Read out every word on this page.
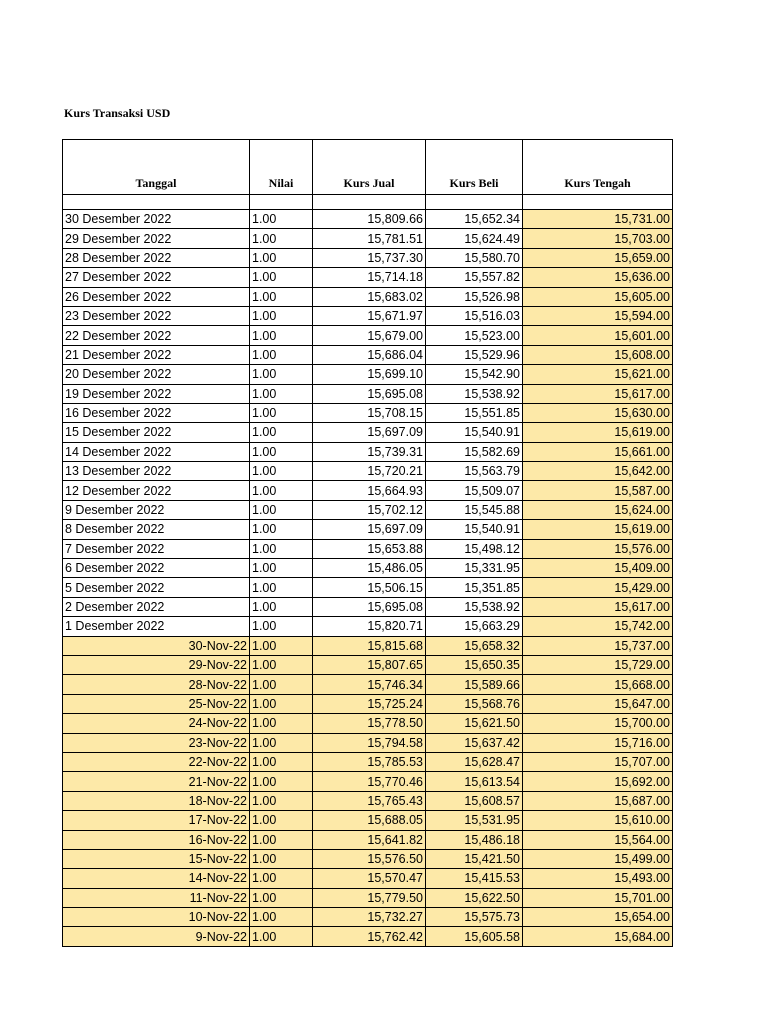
Kurs Transaksi USD
Tanggal	Nilai	Kurs Jual	Kurs Beli	Kurs Tengah

30 Desember 2022	1.00	15,809.66	15,652.34	15,731.00
29 Desember 2022	1.00	15,781.51	15,624.49	15,703.00
28 Desember 2022	1.00	15,737.30	15,580.70	15,659.00
27 Desember 2022	1.00	15,714.18	15,557.82	15,636.00
26 Desember 2022	1.00	15,683.02	15,526.98	15,605.00
23 Desember 2022	1.00	15,671.97	15,516.03	15,594.00
22 Desember 2022	1.00	15,679.00	15,523.00	15,601.00
21 Desember 2022	1.00	15,686.04	15,529.96	15,608.00
20 Desember 2022	1.00	15,699.10	15,542.90	15,621.00
19 Desember 2022	1.00	15,695.08	15,538.92	15,617.00
16 Desember 2022	1.00	15,708.15	15,551.85	15,630.00
15 Desember 2022	1.00	15,697.09	15,540.91	15,619.00
14 Desember 2022	1.00	15,739.31	15,582.69	15,661.00
13 Desember 2022	1.00	15,720.21	15,563.79	15,642.00
12 Desember 2022	1.00	15,664.93	15,509.07	15,587.00
9 Desember 2022	1.00	15,702.12	15,545.88	15,624.00
8 Desember 2022	1.00	15,697.09	15,540.91	15,619.00
7 Desember 2022	1.00	15,653.88	15,498.12	15,576.00
6 Desember 2022	1.00	15,486.05	15,331.95	15,409.00
5 Desember 2022	1.00	15,506.15	15,351.85	15,429.00
2 Desember 2022	1.00	15,695.08	15,538.92	15,617.00
1 Desember 2022	1.00	15,820.71	15,663.29	15,742.00
30-Nov-22	1.00	15,815.68	15,658.32	15,737.00
29-Nov-22	1.00	15,807.65	15,650.35	15,729.00
28-Nov-22	1.00	15,746.34	15,589.66	15,668.00
25-Nov-22	1.00	15,725.24	15,568.76	15,647.00
24-Nov-22	1.00	15,778.50	15,621.50	15,700.00
23-Nov-22	1.00	15,794.58	15,637.42	15,716.00
22-Nov-22	1.00	15,785.53	15,628.47	15,707.00
21-Nov-22	1.00	15,770.46	15,613.54	15,692.00
18-Nov-22	1.00	15,765.43	15,608.57	15,687.00
17-Nov-22	1.00	15,688.05	15,531.95	15,610.00
16-Nov-22	1.00	15,641.82	15,486.18	15,564.00
15-Nov-22	1.00	15,576.50	15,421.50	15,499.00
14-Nov-22	1.00	15,570.47	15,415.53	15,493.00
11-Nov-22	1.00	15,779.50	15,622.50	15,701.00
10-Nov-22	1.00	15,732.27	15,575.73	15,654.00
9-Nov-22	1.00	15,762.42	15,605.58	15,684.00
